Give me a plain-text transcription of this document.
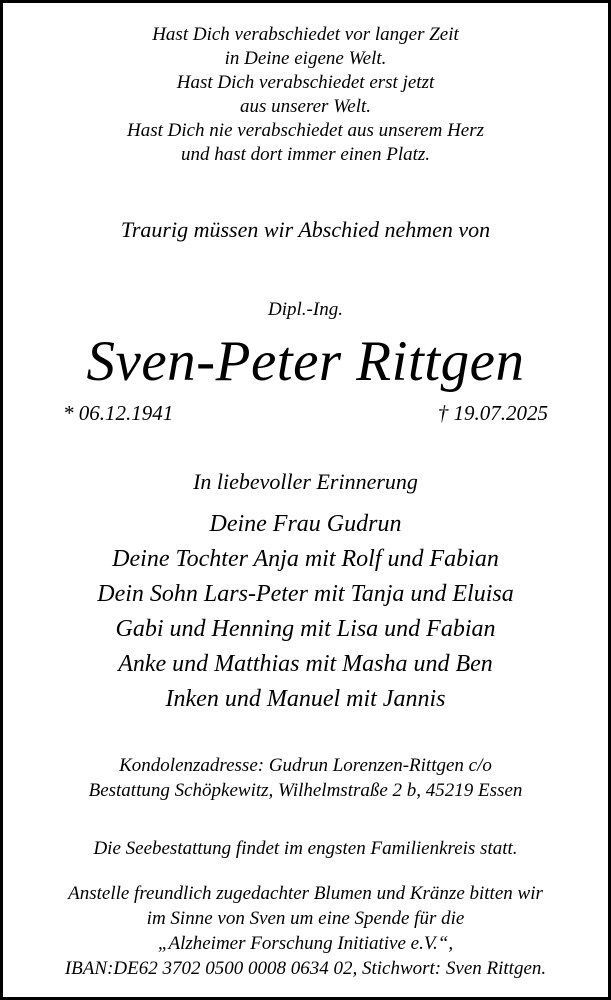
Hast Dich verabschiedet vor langer Zeit
in Deine eigene Welt.
Hast Dich verabschiedet erst jetzt
aus unserer Welt.
Hast Dich nie verabschiedet aus unserem Herz
und hast dort immer einen Platz.
Traurig müssen wir Abschied nehmen von
Dipl.-Ing.
Sven-Peter Rittgen
* 06.12.1941	† 19.07.2025
In liebevoller Erinnerung
Deine Frau Gudrun
Deine Tochter Anja mit Rolf und Fabian
Dein Sohn Lars-Peter mit Tanja und Eluisa
Gabi und Henning mit Lisa und Fabian
Anke und Matthias mit Masha und Ben
Inken und Manuel mit Jannis
Kondolenzadresse: Gudrun Lorenzen-Rittgen c/o
Bestattung Schöpkewitz, Wilhelmstraße 2 b, 45219 Essen
Die Seebestattung findet im engsten Familienkreis statt.
Anstelle freundlich zugedachter Blumen und Kränze bitten wir
im Sinne von Sven um eine Spende für die
„Alzheimer Forschung Initiative e.V.“,
IBAN:DE62 3702 0500 0008 0634 02, Stichwort: Sven Rittgen.
